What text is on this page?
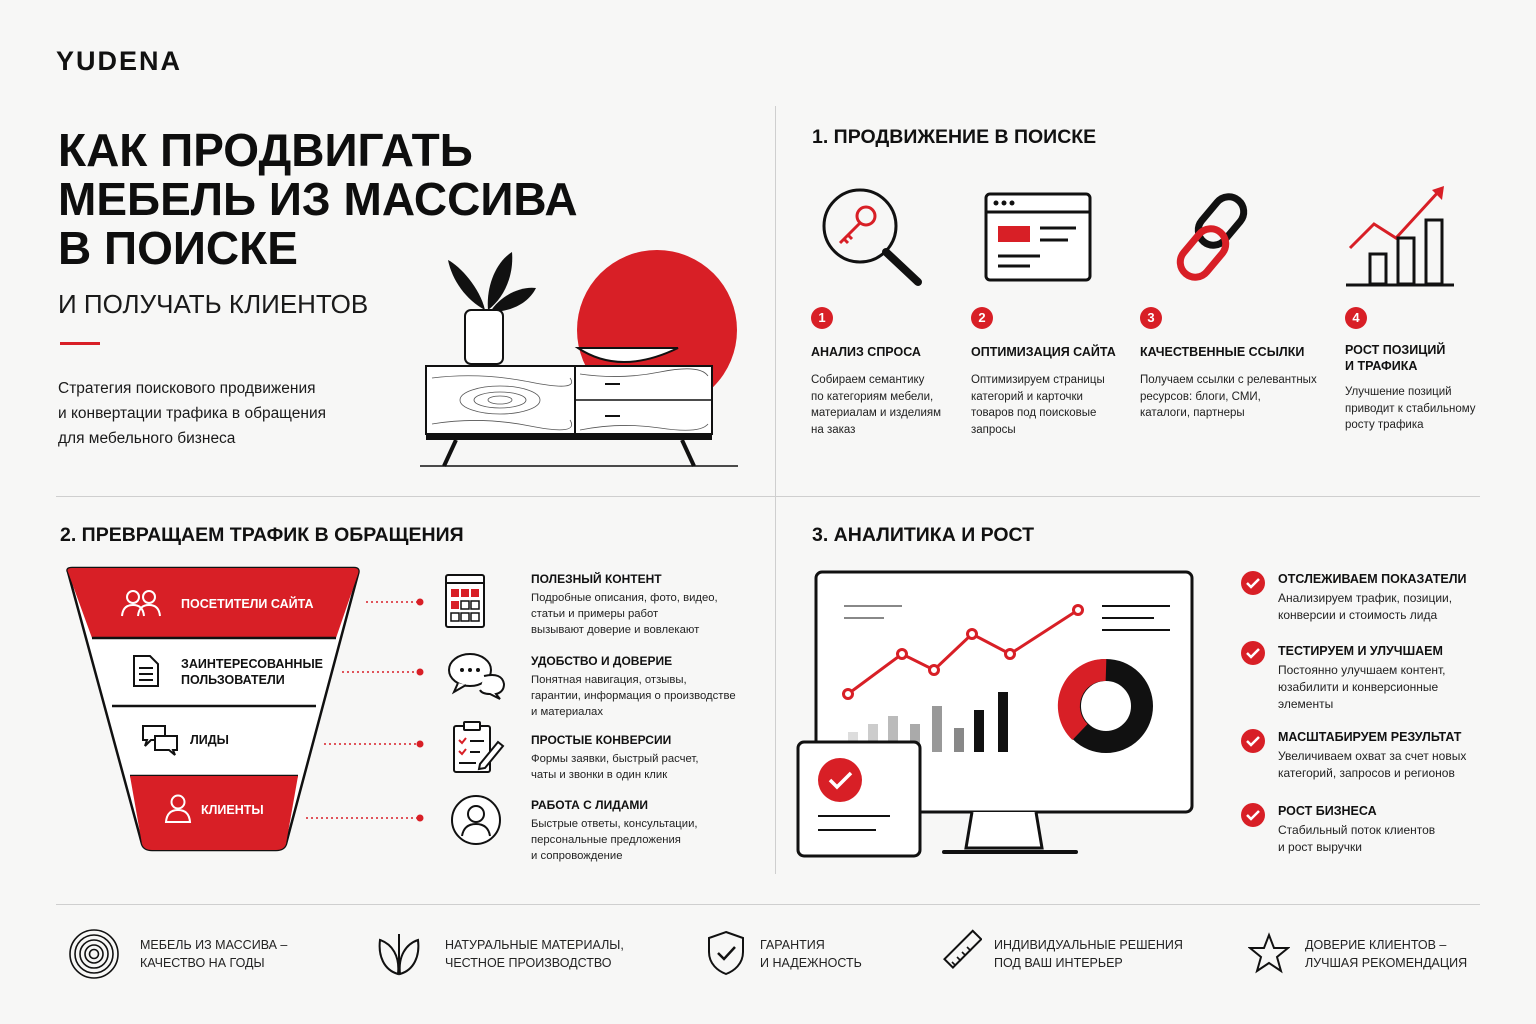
YUDENA
КАК ПРОДВИГАТЬ
МЕБЕЛЬ ИЗ МАССИВА
В ПОИСКЕ
И ПОЛУЧАТЬ КЛИЕНТОВ
Стратегия поискового продвижения
и конвертации трафика в обращения
для мебельного бизнеса
1. ПРОДВИЖЕНИЕ В ПОИСКЕ
1
АНАЛИЗ СПРОСА
Собираем семантику
по категориям мебели,
материалам и изделиям
на заказ
2
ОПТИМИЗАЦИЯ САЙТА
Оптимизируем страницы
категорий и карточки
товаров под поисковые
запросы
3
КАЧЕСТВЕННЫЕ ССЫЛКИ
Получаем ссылки с релевантных
ресурсов: блоги, СМИ,
каталоги, партнеры
4
РОСТ ПОЗИЦИЙ
И ТРАФИКА
Улучшение позиций
приводит к стабильному
росту трафика
2. ПРЕВРАЩАЕМ ТРАФИК В ОБРАЩЕНИЯ
ПОСЕТИТЕЛИ САЙТА
ЗАИНТЕРЕСОВАННЫЕ
ПОЛЬЗОВАТЕЛИ
ЛИДЫ
КЛИЕНТЫ
ПОЛЕЗНЫЙ КОНТЕНТ
Подробные описания, фото, видео,
статьи и примеры работ
вызывают доверие и вовлекают
УДОБСТВО И ДОВЕРИЕ
Понятная навигация, отзывы,
гарантии, информация о производстве
и материалах
ПРОСТЫЕ КОНВЕРСИИ
Формы заявки, быстрый расчет,
чаты и звонки в один клик
РАБОТА С ЛИДАМИ
Быстрые ответы, консультации,
персональные предложения
и сопровождение
3. АНАЛИТИКА И РОСТ
ОТСЛЕЖИВАЕМ ПОКАЗАТЕЛИ
Анализируем трафик, позиции,
конверсии и стоимость лида
ТЕСТИРУЕМ И УЛУЧШАЕМ
Постоянно улучшаем контент,
юзабилити и конверсионные
элементы
МАСШТАБИРУЕМ РЕЗУЛЬТАТ
Увеличиваем охват за счет новых
категорий, запросов и регионов
РОСТ БИЗНЕСА
Стабильный поток клиентов
и рост выручки
МЕБЕЛЬ ИЗ МАССИВА –
КАЧЕСТВО НА ГОДЫ
НАТУРАЛЬНЫЕ МАТЕРИАЛЫ,
ЧЕСТНОЕ ПРОИЗВОДСТВО
ГАРАНТИЯ
И НАДЕЖНОСТЬ
ИНДИВИДУАЛЬНЫЕ РЕШЕНИЯ
ПОД ВАШ ИНТЕРЬЕР
ДОВЕРИЕ КЛИЕНТОВ –
ЛУЧШАЯ РЕКОМЕНДАЦИЯ
